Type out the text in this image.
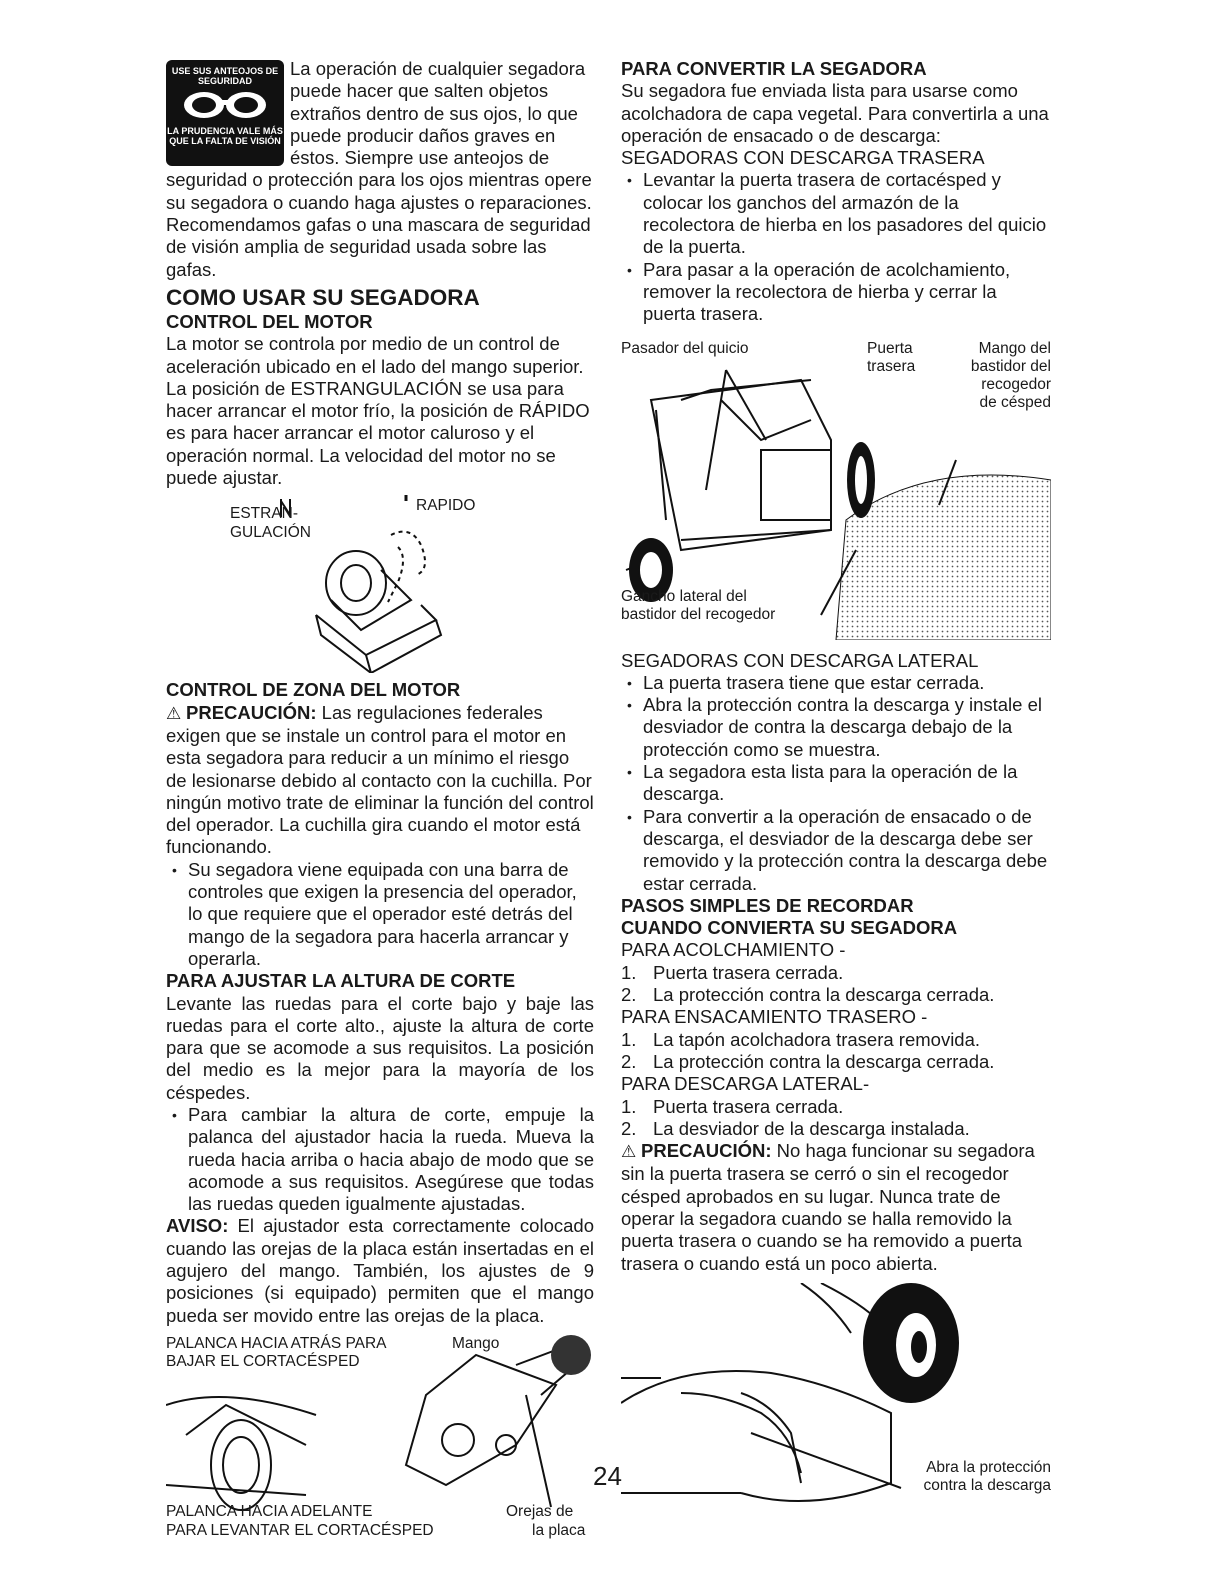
USE SUS ANTEOJOS DE SEGURIDAD
LA PRUDENCIA VALE MÁS QUE LA FALTA DE VISIÓN

La operación de cualquier segadora puede hacer que salten objetos extraños dentro de sus ojos, lo que puede producir daños graves en éstos. Siempre use anteojos de seguridad o protección para los ojos mientras opere su segadora o cuando haga ajustes o reparaciones. Recomendamos gafas o una mascara de seguridad de visión amplia de seguridad usada sobre las gafas.

COMO USAR SU SEGADORA
CONTROL DEL MOTOR

La motor se controla por medio de un control de aceleración ubicado en el lado del mango superior. La posición de ESTRANGULACIÓN se usa para hacer arrancar el motor frío, la posición de RÁPIDO es para hacer arrancar el motor caluroso y el operación normal. La velocidad del motor no se puede ajustar.

ESTRAN-
GULACIÓN
RAPIDO
CONTROL DE ZONA DEL MOTOR

⚠ PRECAUCIÓN: Las regulaciones federales exigen que se instale un control para el motor en esta segadora para reducir a un mínimo el riesgo de lesionarse debido al contacto con la cuchilla. Por ningún motivo trate de eliminar la función del control del operador. La cuchilla gira cuando el motor está funcionando.

• Su segadora viene equipada con una barra de controles que exigen la presencia del operador, lo que requiere que el operador esté detrás del mango de la segadora para hacerla arrancar y operarla.
PARA AJUSTAR LA ALTURA DE CORTE

Levante las ruedas para el corte bajo y baje las ruedas para el corte alto., ajuste la altura de corte para que se acomode a sus requisitos. La posición del medio es la mejor para la mayoría de los céspedes.

• Para cambiar la altura de corte, empuje la palanca del ajustador hacia la rueda. Mueva la rueda hacia arriba o hacia abajo de modo que se acomode a sus requisitos. Asegúrese que todas las ruedas queden igualmente ajustadas.

AVISO: El ajustador esta correctamente colocado cuando las orejas de la placa están insertadas en el agujero del mango. También, los ajustes de 9 posiciones (si equipado) permiten que el mango pueda ser movido entre las orejas de la placa.

PALANCA HACIA ATRÁS PARA
BAJAR EL CORTACÉSPED
Mango
PALANCA HACIA ADELANTE
PARA LEVANTAR EL CORTACÉSPED
Orejas de
la placa
PARA CONVERTIR LA SEGADORA

Su segadora fue enviada lista para usarse como acolchadora de capa vegetal. Para convertirla a una operación de ensacado o de descarga:

SEGADORAS CON DESCARGA TRASERA

• Levantar la puerta trasera de cortacésped y colocar los ganchos del armazón de la recolectora de hierba en los pasadores del quicio de la puerta.
• Para pasar a la operación de acolchamiento, remover la recolectora de hierba y cerrar la puerta trasera.
Pasador del quicio	Puerta
trasera
Mango del
bastidor del
recogedor
de césped
Gancho lateral del
bastidor del recogedor

SEGADORAS CON DESCARGA LATERAL

• La puerta trasera tiene que estar cerrada.
• Abra la protección contra la descarga y instale el desviador de contra la descarga debajo de la protección como se muestra.
• La segadora esta lista para la operación de la descarga.
• Para convertir a la operación de ensacado o de descarga, el desviador de la descarga debe ser removido y la protección contra la descarga debe estar cerrada.
PASOS SIMPLES DE RECORDAR
CUANDO CONVIERTA SU SEGADORA

PARA ACOLCHAMIENTO -

1. Puerta trasera cerrada.
2. La protección contra la descarga cerrada.

PARA ENSACAMIENTO TRASERO -

1. La tapón acolchadora trasera removida.
2. La protección contra la descarga cerrada.

PARA DESCARGA LATERAL-

1. Puerta trasera cerrada.
2. La desviador de la descarga instalada.

⚠ PRECAUCIÓN: No haga funcionar su segadora sin la puerta trasera se cerró o sin el recogedor césped aprobados en su lugar. Nunca trate de operar la segadora cuando se halla removido la puerta trasera o cuando se ha removido a puerta trasera o cuando está un poco abierta.

Abra la protección
contra la descarga
24
